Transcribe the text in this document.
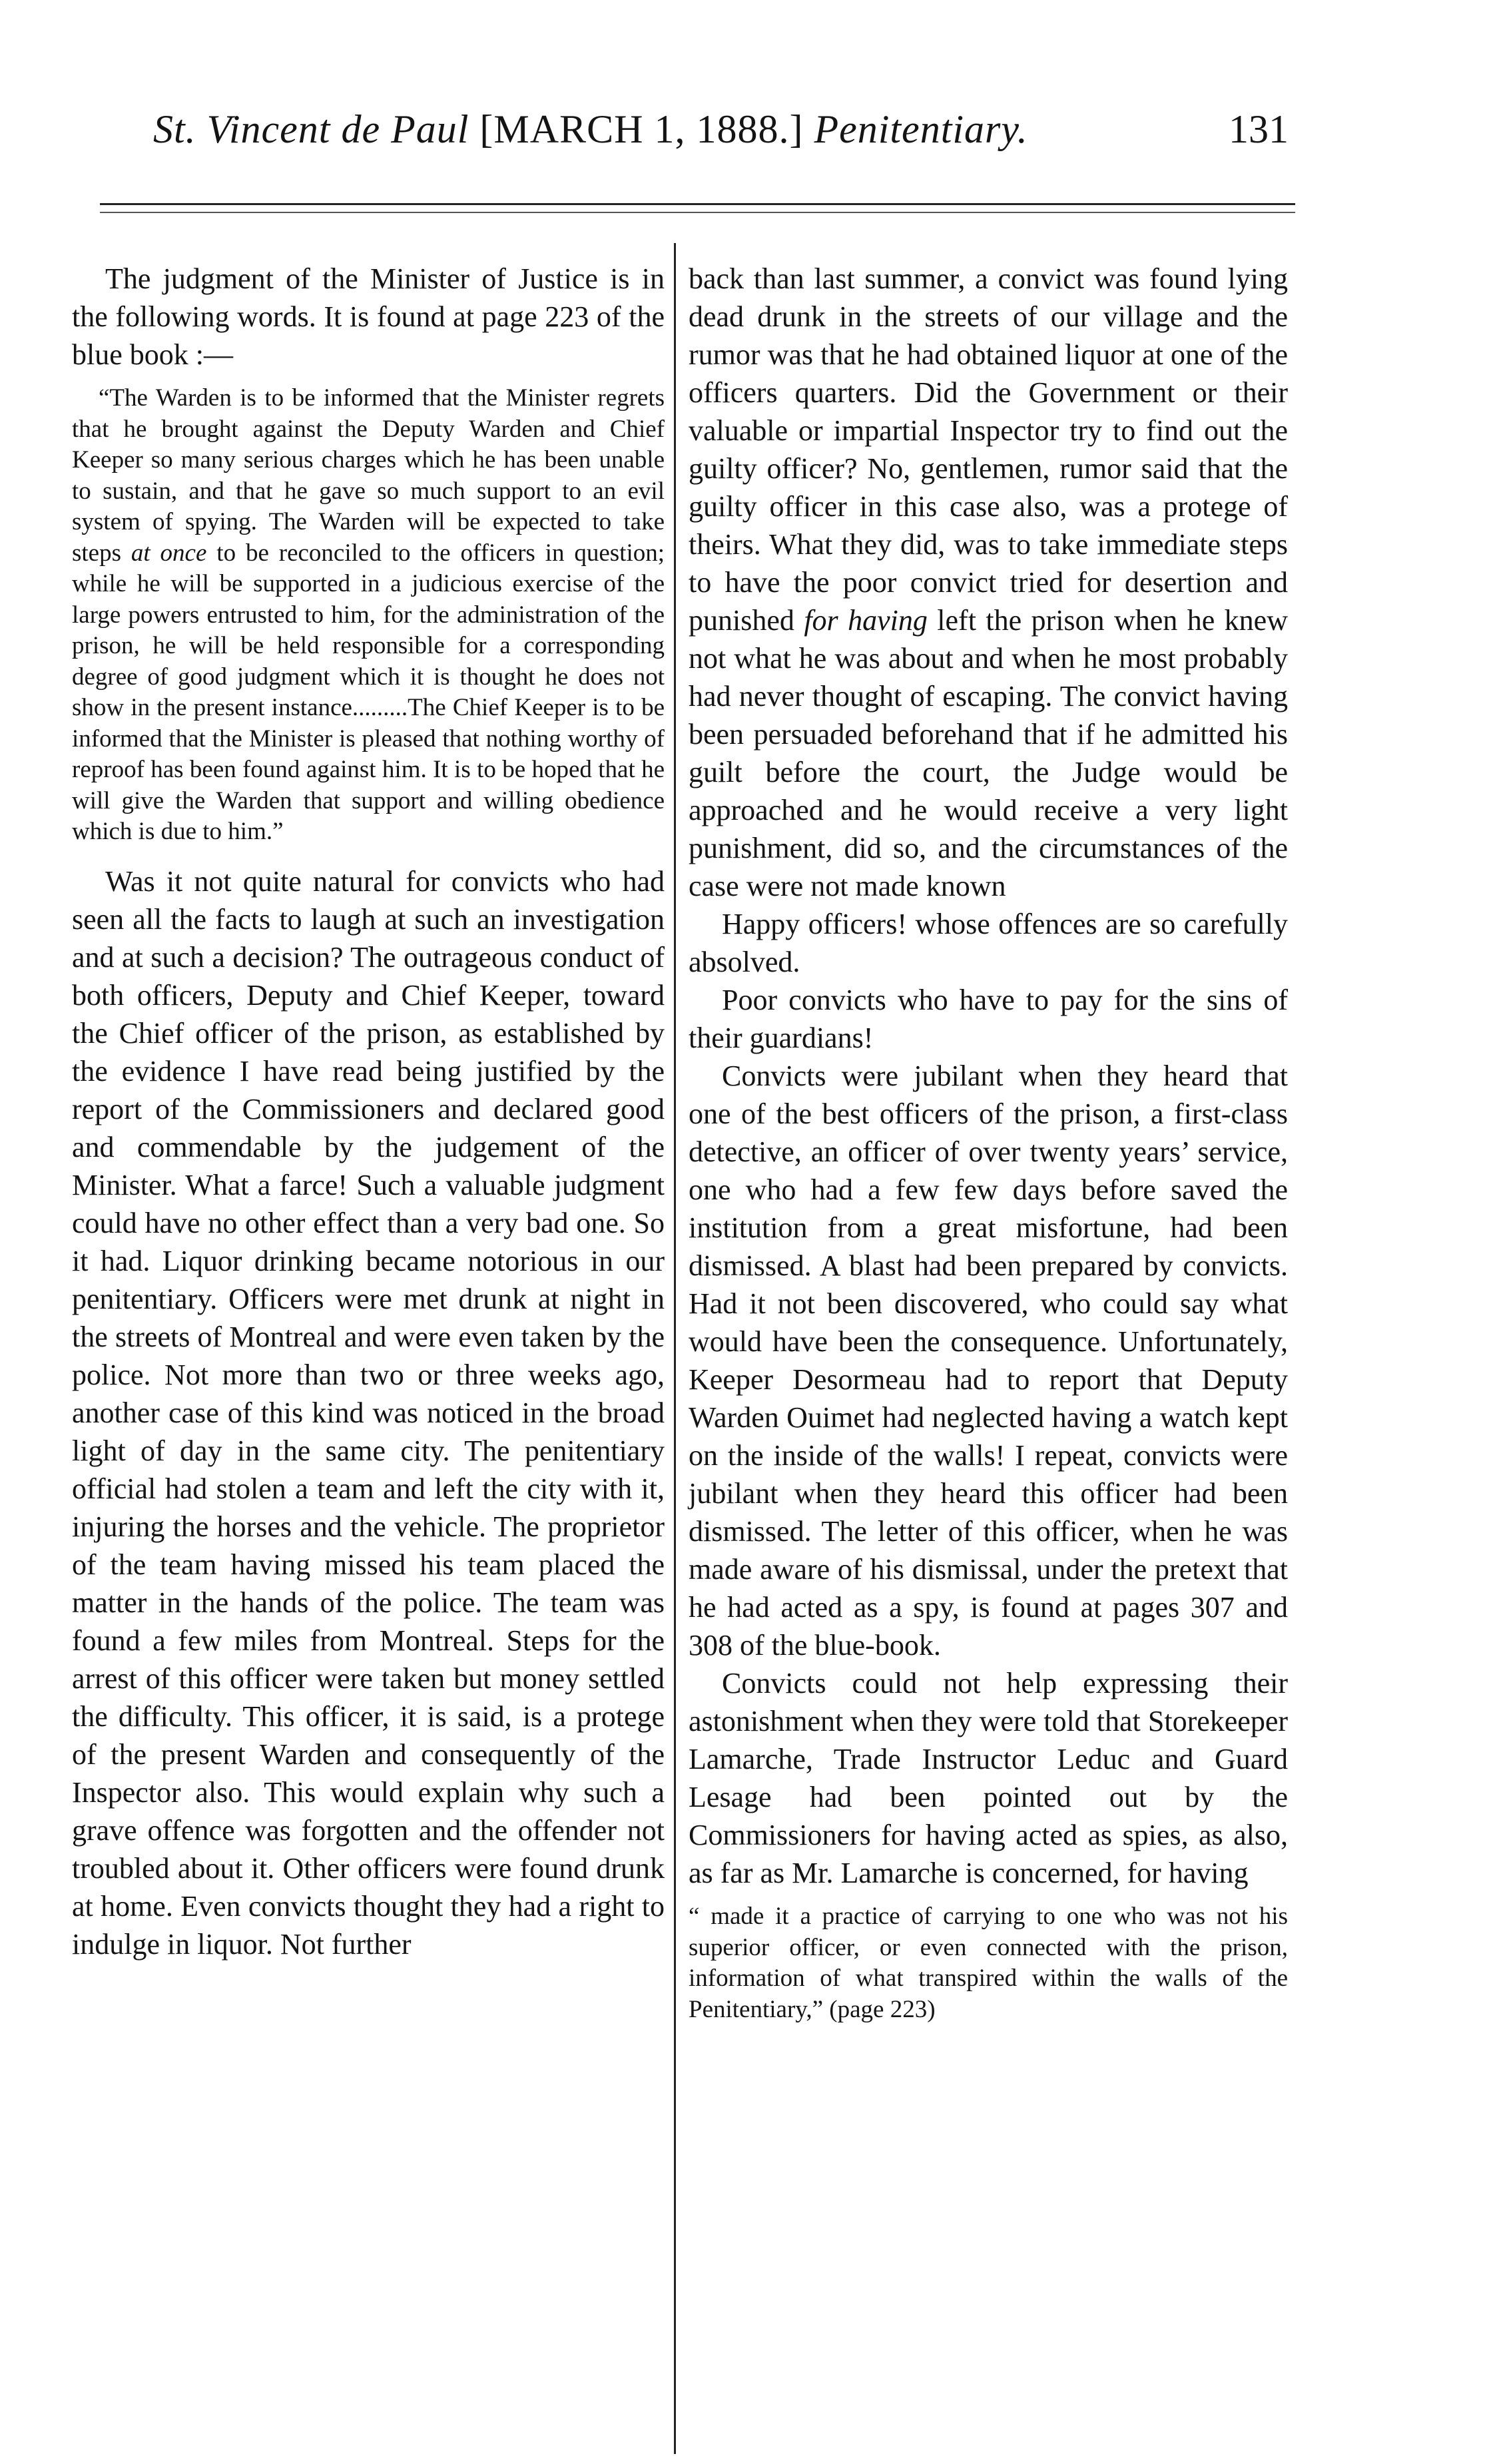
St. Vincent de Paul [MARCH 1, 1888.] Penitentiary.	131

The judgment of the Minister of Justice is in the following words. It is found at page 223 of the blue book :—

“The Warden is to be informed that the Minister regrets that he brought against the Deputy Warden and Chief Keeper so many serious charges which he has been unable to sustain, and that he gave so much support to an evil system of spying. The Warden will be expected to take steps at once to be reconciled to the officers in question; while he will be supported in a judicious exercise of the large powers entrusted to him, for the administration of the prison, he will be held responsible for a corresponding degree of good judgment which it is thought he does not show in the present instance.........The Chief Keeper is to be informed that the Minister is pleased that nothing worthy of reproof has been found against him. It is to be hoped that he will give the Warden that support and willing obedience which is due to him.”

Was it not quite natural for convicts who had seen all the facts to laugh at such an investigation and at such a decision? The outrageous conduct of both officers, Deputy and Chief Keeper, toward the Chief officer of the prison, as established by the evidence I have read being justified by the report of the Commissioners and declared good and commendable by the judgement of the Minister. What a farce! Such a valuable judgment could have no other effect than a very bad one. So it had. Liquor drinking became notorious in our penitentiary. Officers were met drunk at night in the streets of Montreal and were even taken by the police. Not more than two or three weeks ago, another case of this kind was noticed in the broad light of day in the same city. The penitentiary official had stolen a team and left the city with it, injuring the horses and the vehicle. The proprietor of the team having missed his team placed the matter in the hands of the police. The team was found a few miles from Montreal. Steps for the arrest of this officer were taken but money settled the difficulty. This officer, it is said, is a protege of the present Warden and consequently of the Inspector also. This would explain why such a grave offence was forgotten and the offender not troubled about it. Other officers were found drunk at home. Even convicts thought they had a right to indulge in liquor. Not further

back than last summer, a convict was found lying dead drunk in the streets of our village and the rumor was that he had obtained liquor at one of the officers quarters. Did the Government or their valuable or impartial Inspector try to find out the guilty officer? No, gentlemen, rumor said that the guilty officer in this case also, was a protege of theirs. What they did, was to take immediate steps to have the poor convict tried for desertion and punished for having left the prison when he knew not what he was about and when he most probably had never thought of escaping. The convict having been persuaded beforehand that if he admitted his guilt before the court, the Judge would be approached and he would receive a very light punishment, did so, and the circumstances of the case were not made known

Happy officers! whose offences are so carefully absolved.

Poor convicts who have to pay for the sins of their guardians!

Convicts were jubilant when they heard that one of the best officers of the prison, a first-class detective, an officer of over twenty years’ service, one who had a few few days before saved the institution from a great misfortune, had been dismissed. A blast had been prepared by convicts. Had it not been discovered, who could say what would have been the consequence. Unfortunately, Keeper Desormeau had to report that Deputy Warden Ouimet had neglected having a watch kept on the inside of the walls! I repeat, convicts were jubilant when they heard this officer had been dismissed. The letter of this officer, when he was made aware of his dismissal, under the pretext that he had acted as a spy, is found at pages 307 and 308 of the blue-book.

Convicts could not help expressing their astonishment when they were told that Storekeeper Lamarche, Trade Instructor Leduc and Guard Lesage had been pointed out by the Commissioners for having acted as spies, as also, as far as Mr. Lamarche is concerned, for having

“ made it a practice of carrying to one who was not his superior officer, or even connected with the prison, information of what transpired within the walls of the Penitentiary,” (page 223)
